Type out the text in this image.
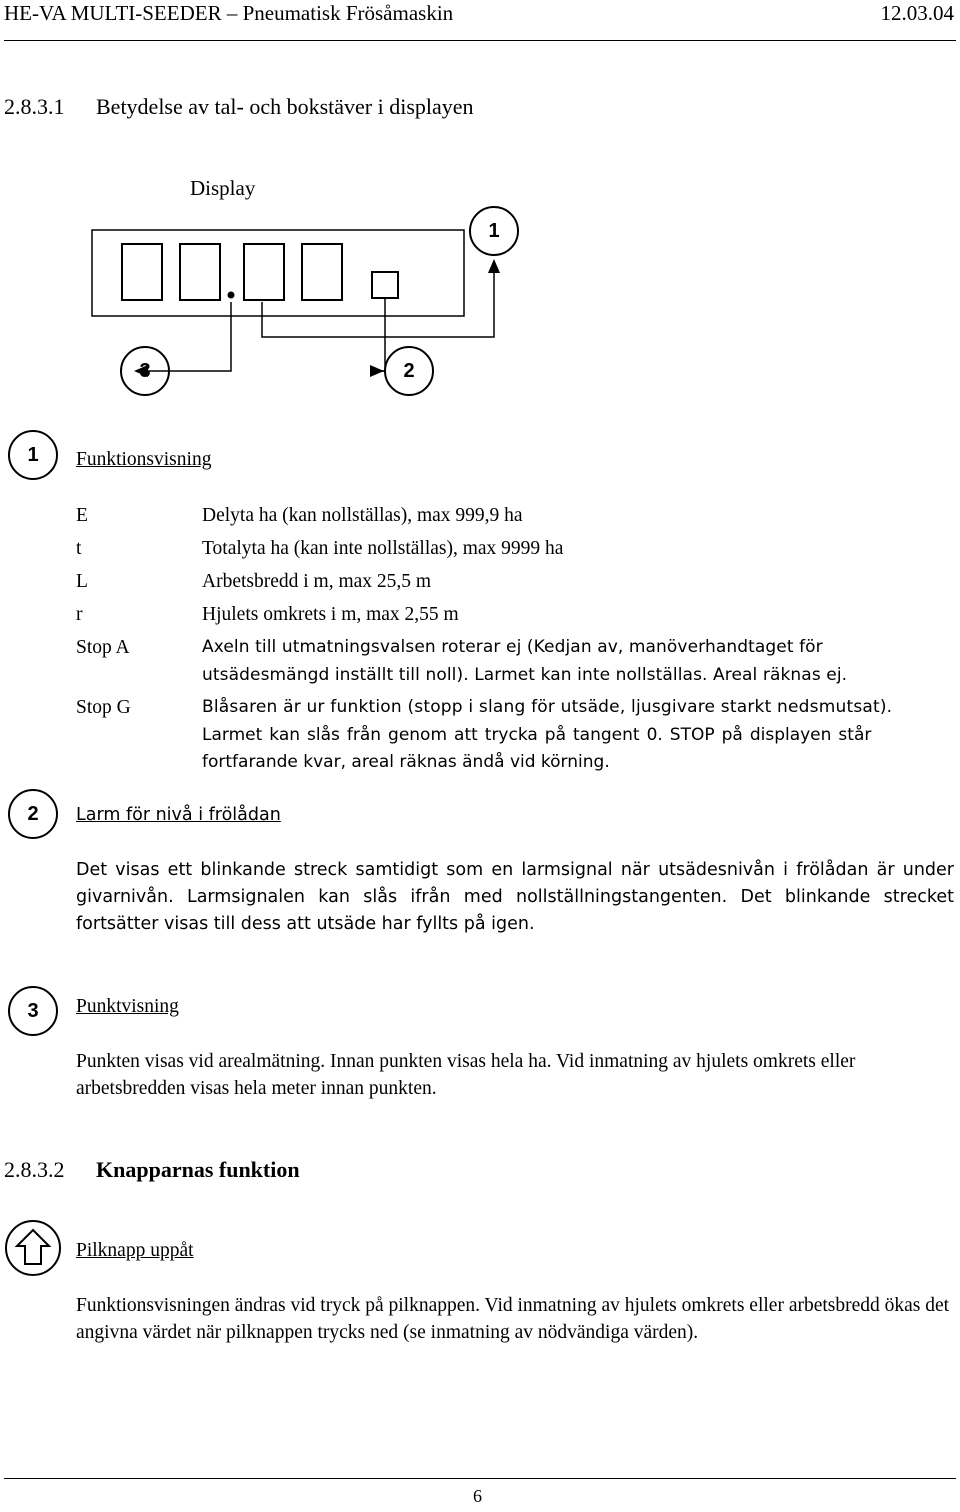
HE-VA MULTI-SEEDER – Pneumatisk Frösåmaskin	12.03.04
2.8.3.1 Betydelse av tal- och bokstäver i displayen
Display
1
3	2
1	Funktionsvisning
E	Delyta ha (kan nollställas), max 999,9 ha
t	Totalyta ha (kan inte nollställas), max 9999 ha
L	Arbetsbredd i m, max 25,5 m
r	Hjulets omkrets i m, max 2,55 m
Stop A	Axeln till utmatningsvalsen roterar ej (Kedjan av, manöverhandtaget för
utsädesmängd inställt till noll). Larmet kan inte nollställas. Areal räknas ej.
Stop G	Blåsaren är ur funktion (stopp i slang för utsäde, ljusgivare starkt nedsmutsat).
Larmet kan slås från genom att trycka på tangent 0. STOP på displayen står
fortfarande kvar, areal räknas ändå vid körning.
2	Larm för nivå i frölådan
Det visas ett blinkande streck samtidigt som en larmsignal när utsädesnivån i frölådan är under givarnivån. Larmsignalen kan slås ifrån med nollställningstangenten. Det blinkande strecket fortsätter visas till dess att utsäde har fyllts på igen.
3	Punktvisning
Punkten visas vid arealmätning. Innan punkten visas hela ha. Vid inmatning av hjulets omkrets eller arbetsbredden visas hela meter innan punkten.
2.8.3.2 Knapparnas funktion
Pilknapp uppåt
Funktionsvisningen ändras vid tryck på pilknappen. Vid inmatning av hjulets omkrets eller arbetsbredd ökas det angivna värdet när pilknappen trycks ned (se inmatning av nödvändiga värden).
6
